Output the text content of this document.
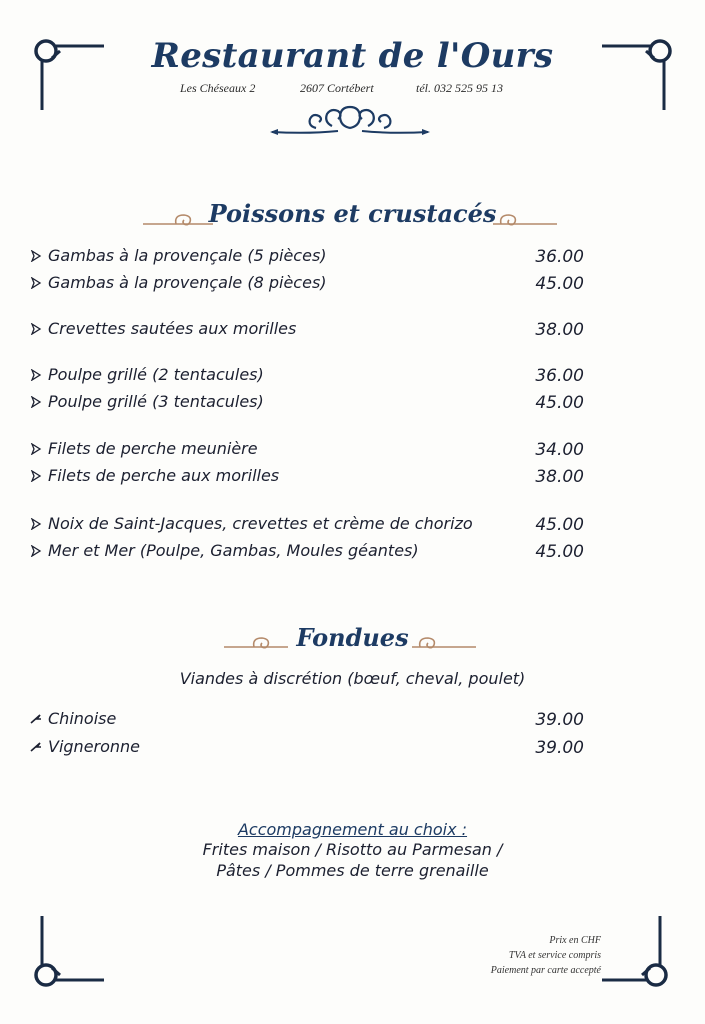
Restaurant de l'Ours
Les Chéseaux 2	2607 Cortébert	tél. 032 525 95 13
Poissons et crustacés
Gambas à la provençale (5 pièces)	36.00
Gambas à la provençale (8 pièces)	45.00
Crevettes sautées aux morilles	38.00
Poulpe grillé (2 tentacules)	36.00
Poulpe grillé (3 tentacules)	45.00
Filets de perche meunière	34.00
Filets de perche aux morilles	38.00
Noix de Saint-Jacques, crevettes et crème de chorizo	45.00
Mer et Mer (Poulpe, Gambas, Moules géantes)	45.00
Fondues
Viandes à discrétion (bœuf, cheval, poulet)
Chinoise	39.00
Vigneronne	39.00
Accompagnement au choix :
Frites maison / Risotto au Parmesan /
Pâtes / Pommes de terre grenaille
Prix en CHF
TVA et service compris
Paiement par carte accepté
